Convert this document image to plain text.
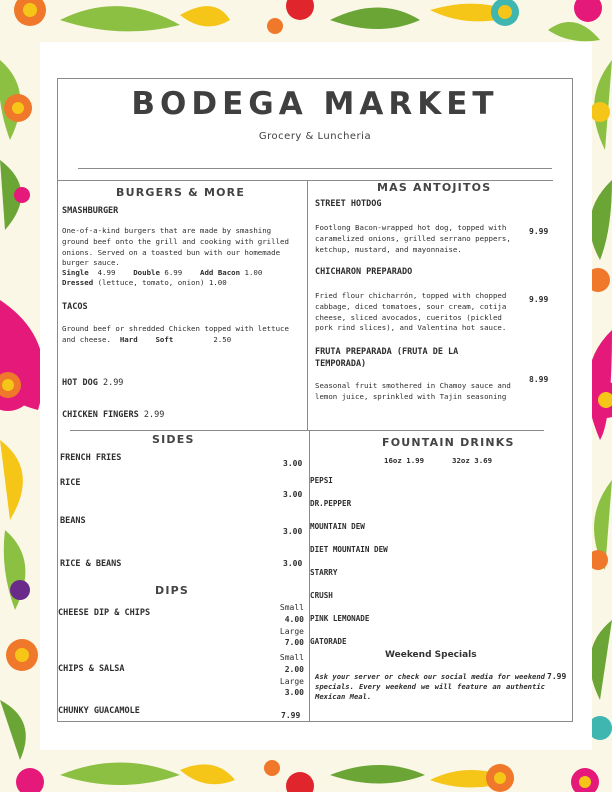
BODEGA MARKET
Grocery & Luncheria
BURGERS & MORE
SMASHBURGER
One-of-a-kind burgers that are made by smashing ground beef onto the grill and cooking with grilled onions. Served on a toasted bun with our homemade burger sauce.
Single 4.99 Double 6.99 Add Bacon 1.00
Dressed (lettuce, tomato, onion) 1.00
TACOS
Ground beef or shredded Chicken topped with lettuce and cheese. Hard Soft	2.50
HOT DOG 2.99
CHICKEN FINGERS 2.99
MAS ANTOJITOS
STREET HOTDOG
Footlong Bacon-wrapped hot dog, topped with caramelized onions, grilled serrano peppers, ketchup, mustard, and mayonnaise.
9.99
CHICHARON PREPARADO
Fried flour chicharrón, topped with chopped cabbage, diced tomatoes, sour cream, cotija cheese, sliced avocados, cueritos (pickled pork rind slices), and Valentina hot sauce.
9.99
FRUTA PREPARADA (FRUTA DE LA TEMPORADA)
Seasonal fruit smothered in Chamoy sauce and lemon juice, sprinkled with Tajin seasoning
8.99
SIDES
FRENCH FRIES
3.00
RICE
3.00
BEANS
3.00
RICE & BEANS	3.00
DIPS
CHEESE DIP & CHIPS
Small
4.00
Large
7.00
CHIPS & SALSA
Small
2.00
Large
3.00
CHUNKY GUACAMOLE	7.99
FOUNTAIN DRINKS
16oz 1.99	32oz 3.69
PEPSI
DR.PEPPER
MOUNTAIN DEW
DIET MOUNTAIN DEW
STARRY
CRUSH
PINK LEMONADE
GATORADE
Weekend Specials
Ask your server or check our social media for weekend specials. Every weekend we will feature an authentic Mexican Meal.
7.99
